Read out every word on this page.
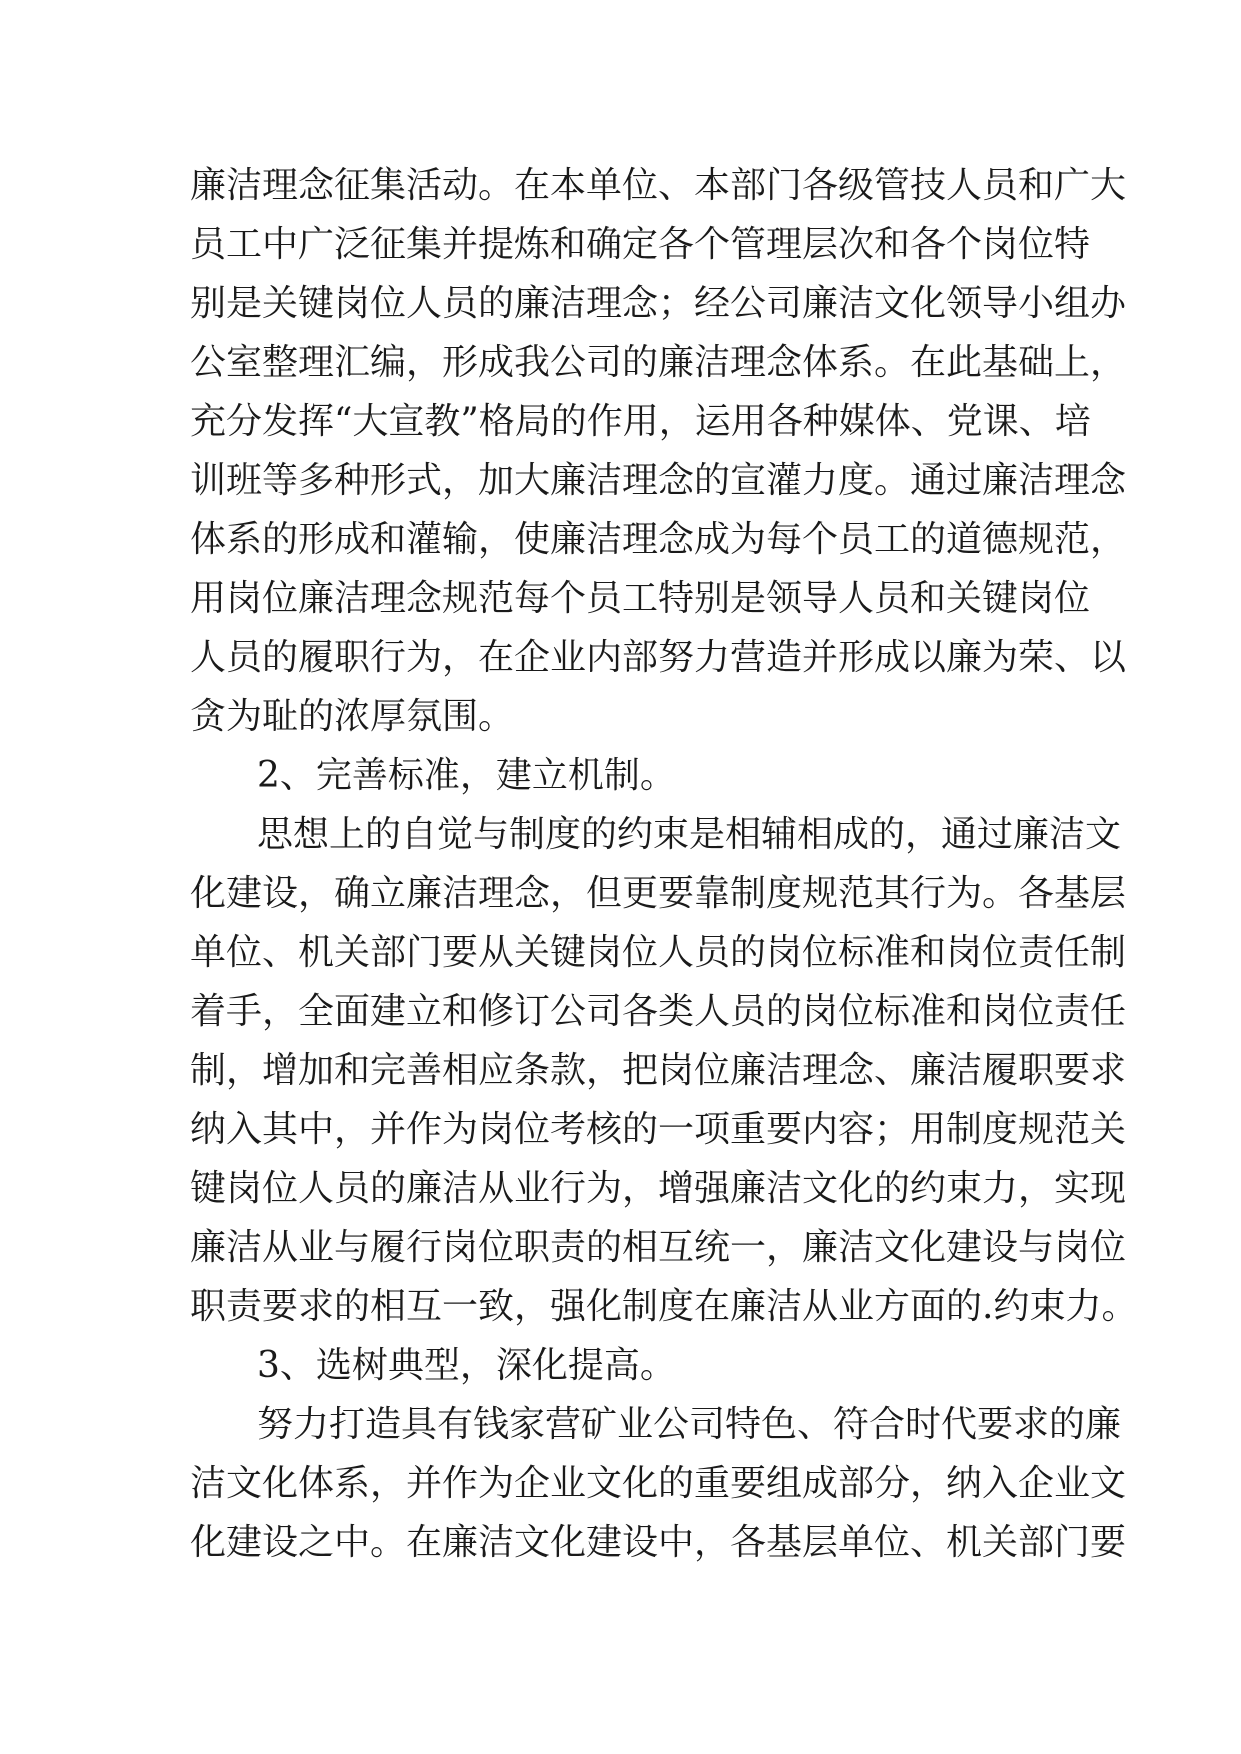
廉洁理念征集活动。在本单位、本部门各级管技人员和广大
员工中广泛征集并提炼和确定各个管理层次和各个岗位特
别是关键岗位人员的廉洁理念；经公司廉洁文化领导小组办
公室整理汇编，形成我公司的廉洁理念体系。在此基础上，
充分发挥“大宣教”格局的作用，运用各种媒体、党课、培
训班等多种形式，加大廉洁理念的宣灌力度。通过廉洁理念
体系的形成和灌输，使廉洁理念成为每个员工的道德规范，
用岗位廉洁理念规范每个员工特别是领导人员和关键岗位
人员的履职行为，在企业内部努力营造并形成以廉为荣、以
贪为耻的浓厚氛围。
2、完善标准，建立机制。
思想上的自觉与制度的约束是相辅相成的，通过廉洁文
化建设，确立廉洁理念，但更要靠制度规范其行为。各基层
单位、机关部门要从关键岗位人员的岗位标准和岗位责任制
着手，全面建立和修订公司各类人员的岗位标准和岗位责任
制，增加和完善相应条款，把岗位廉洁理念、廉洁履职要求
纳入其中，并作为岗位考核的一项重要内容；用制度规范关
键岗位人员的廉洁从业行为，增强廉洁文化的约束力，实现
廉洁从业与履行岗位职责的相互统一，廉洁文化建设与岗位
职责要求的相互一致，强化制度在廉洁从业方面的.约束力。
3、选树典型，深化提高。
努力打造具有钱家营矿业公司特色、符合时代要求的廉
洁文化体系，并作为企业文化的重要组成部分，纳入企业文
化建设之中。在廉洁文化建设中，各基层单位、机关部门要
